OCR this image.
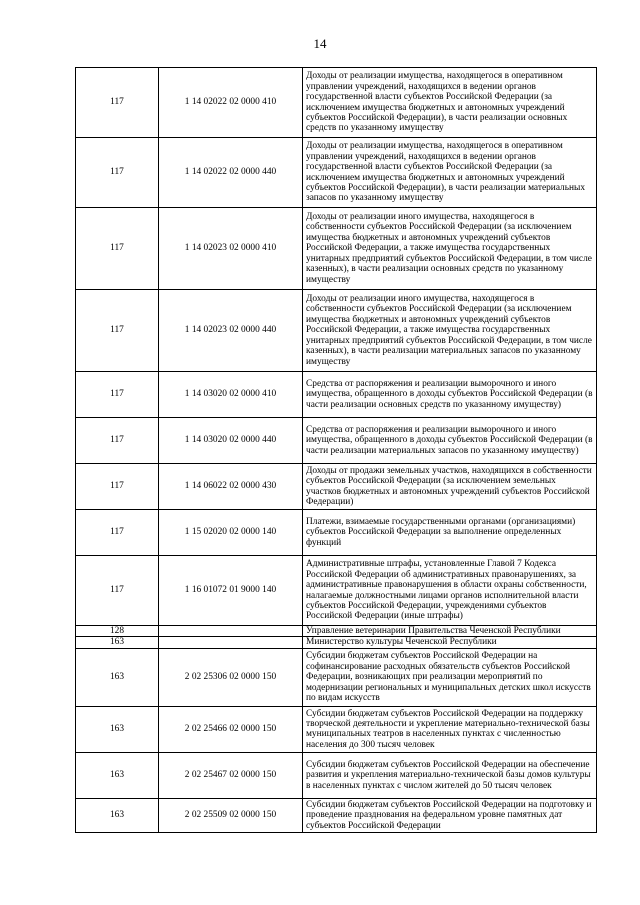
14
117	1 14 02022 02 0000 410	Доходы от реализации имущества, находящегося в оперативном управлении учреждений, находящихся в ведении органов государственной власти субъектов Российской Федерации (за исключением имущества бюджетных и автономных учреждений субъектов Российской Федерации), в части реализации основных средств по указанному имуществу
117	1 14 02022 02 0000 440	Доходы от реализации имущества, находящегося в оперативном управлении учреждений, находящихся в ведении органов государственной власти субъектов Российской Федерации (за исключением имущества бюджетных и автономных учреждений субъектов Российской Федерации), в части реализации материальных запасов по указанному имуществу
117	1 14 02023 02 0000 410	Доходы от реализации иного имущества, находящегося в собственности субъектов Российской Федерации (за исключением имущества бюджетных и автономных учреждений субъектов Российской Федерации, а также имущества государственных унитарных предприятий субъектов Российской Федерации, в том числе казенных), в части реализации основных средств по указанному имуществу
117	1 14 02023 02 0000 440	Доходы от реализации иного имущества, находящегося в собственности субъектов Российской Федерации (за исключением имущества бюджетных и автономных учреждений субъектов Российской Федерации, а также имущества государственных унитарных предприятий субъектов Российской Федерации, в том числе казенных), в части реализации материальных запасов по указанному имуществу
117	1 14 03020 02 0000 410	Средства от распоряжения и реализации выморочного и иного имущества, обращенного в доходы субъектов Российской Федерации (в части реализации основных средств по указанному имуществу)
117	1 14 03020 02 0000 440	Средства от распоряжения и реализации выморочного и иного имущества, обращенного в доходы субъектов Российской Федерации (в части реализации материальных запасов по указанному имуществу)
117	1 14 06022 02 0000 430	Доходы от продажи земельных участков, находящихся в собственности субъектов Российской Федерации (за исключением земельных участков бюджетных и автономных учреждений субъектов Российской Федерации)
117	1 15 02020 02 0000 140	Платежи, взимаемые государственными органами (организациями) субъектов Российской Федерации за выполнение определенных функций
117	1 16 01072 01 9000 140	Административные штрафы, установленные Главой 7 Кодекса Российской Федерации об административных правонарушениях, за административные правонарушения в области охраны собственности, налагаемые должностными лицами органов исполнительной власти субъектов Российской Федерации, учреждениями субъектов Российской Федерации (иные штрафы)
128		Управление ветеринарии Правительства Чеченской Республики
163		Министерство культуры Чеченской Республики
163	2 02 25306 02 0000 150	Субсидии бюджетам субъектов Российской Федерации на софинансирование расходных обязательств субъектов Российской Федерации, возникающих при реализации мероприятий по модернизации региональных и муниципальных детских школ искусств по видам искусств
163	2 02 25466 02 0000 150	Субсидии бюджетам субъектов Российской Федерации на поддержку творческой деятельности и укрепление материально-технической базы муниципальных театров в населенных пунктах с численностью населения до 300 тысяч человек
163	2 02 25467 02 0000 150	Субсидии бюджетам субъектов Российской Федерации на обеспечение развития и укрепления материально-технической базы домов культуры в населенных пунктах с числом жителей до 50 тысяч человек
163	2 02 25509 02 0000 150	Субсидии бюджетам субъектов Российской Федерации на подготовку и проведение празднования на федеральном уровне памятных дат субъектов Российской Федерации
